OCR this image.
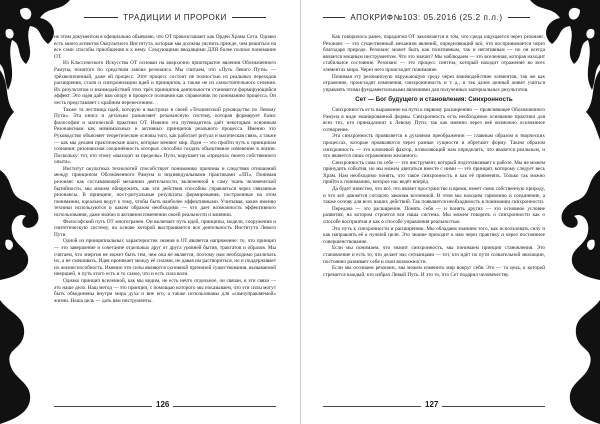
ТРАДИЦИИ И ПРОРОКИ

не этим документом я официально объявляю, что ОТ провозглашает как Орден Храма Сета. Однако есть много аспектов Оккультного Института, которые мы должны уяснить прежде, чем решиться на все сами способы приобщения и к нему. Следующими вводящими ДЛЯ более полное понимание ОТ.

Из Классического Искусства ОТ основан на анархично приоткрытое явлении Обозначенного Рамуна, понятого по средством закона резонанса. Мы считаем, что «Путь Левого Пути» — трёхвеличинный, даже ей процесс. Этот процесс состоит не полностью из реальных переходов расширения, стали и синхронизации идей и принципов, а также не из самостоятельного сечения. Их результатом и взаимодействий этих трёх принципов деятельности становится формирующийся эффект. Это идея даёт вам опору в процессе познания как справочник по пониманию процесса. Он честь представляет с крайним перенесением.

Также та лестница идей, которую я выстроил в своей «Технической руководстве по Левому Пути». Эта книга и детально разъясняет резонансную систему, которая формирует базис философии и магической практики ОТ. Именно эта путеводитель даёт некоторым основным Резонансным как мимимальных и активных принципов реального процесса. Именно это Руководство объясняет теоретические основы того, как работает ритуал и магическая связь, а также — как мы делаем практические шаги, которые меняют мир. Идея — это пройти путь к принципам сознания: резонансная соединённость которых способна создать объективное изменение в жизни. Поскольку: тот, кто этому «выходит за пределы» Пути, нарушает на «пределах своего собственного опыта».

Институт окультных технологий способствует пониманию причины и следствия отношений между принципом Обозначенного Рамуна и индивидуальными практиками «ЛП». Понимая резонанс как составляющей механики деятельности, включенной в саму ткань человеческой бытийности, мы можем обнаружить, как эти действия способны справляться через связанные резонансы. В принципе, пост-ритуальные результаты формирования, построенные на этом понимании, идеально ведут к тому, чтобы быть наиболее эффективными. Учитывая, какие именно техники используются и каким образом необходимо — что дает возможность эффективного использования, даже можно в активном изменении своей реальности и влиянии.

Философский путь ОТ многогранен. Он включает путь идей, принципы, модели, сооружения и синтетическую систему, на основе которой выстраивается вся деятельность Института Левого Пути.

Одной из принципиальных характеристик знания в ОТ является напряжение: то, что принцип — это завершение и сочетание отдельных друг от друга уровней бытия, трактатов и образов. Мы считаем, что энергия не может быть тем, чем она не является, поэтому нам необходимо различать их, а не смешивать. Идея проникает между её силами, не давая им раствориться, но и поддерживает их жизнеспособность. Именно эти силы являются основной причиной существования, вызываемой инерцией, и путь этого есть и то самое, что и есть сила воли.

Однако принцип вселенной, как мы видим, не есть нечто отдельное, он связан, и эти связи — это наше дело. Наш метод — это принцип, с помощью которого мы показываем, что эти силы могут быть объединены внутри мира духа и вне его, а также использованы для «самоуправляемой» жизни. Наша цель — дать вам инструменты.

126
АПОКРИФ№103: 05.2016 (25.2 п.л.)

Как говорилось ранее, парадигма ОТ заключается в том, что среда ощущается через резонанс. Резонанс — это существенный механизм явлений, определяющий всё, что воспринимается через благодаря природе. Резонанс может быть как позитивным, так и негативным — но он всегда является мощным инструментом. Что это значит? Мы наблюдаем — это вселенная, которая находит стабильное состояние. Резонанс — это процесс синтеза, который находит отражение во всех элементах мира. Через него происходит понимание.

Понимая эту резонансную окружающую среду через взаимодействие элементов, так же как отражение, происходят изменения, синхроничность и т. д., и так далее ценный живет учиться управлять этими фундаментальными явлениями для полученных материальных результатов.

Сет — Бог будущего и становления: Синхронность

Синхронность есть выражение на пути к первому расширению — проясняющее Обозначенного Рамуна в виде эманированной формы. Синхронность есть необходимое основание практики для всех тех, кто принадлежит к Левому Пути, так как именно через неё возможно осознанное сотворение.

Эта синхронность проявляется в духовном преображении — главным образом в творческих процессах, которые проявляются через разные сущности и обретают форму. Таким образом синхронность — это ключевой фактор, позволяющий нам определить, что является реальным, и что является лишь отражением желаемого.

Синхронность сама по себе — это инструмент, который подготавливает к работе. Мы не можем принудить события, но мы можем двигаться вместе с ними — это принцип, которому следует весь Храм. Нам необходимо понять, что такое синхронность и как её применять. Только так можно прийти к пониманию, которое нас ведёт вперёд.

Да будет известно, что всё, что являет пространство и время, имеет свою собственную природу, и что всё движется согласно законам вселенной. В этом мы находим гармонию и соединение, а также основу для всех наших действий. Так появляется необходимость в понимании синхронности.

Передача — это расширение. Понять себя — и понять других — это основное условие развития, на котором строится вся наша система. Мы можем говорить о синхронности как о способе восприятия и как о способе управления реальностью.

Это путь к синхронности и расширению. Мы обладаем знанием того, как использовать силу и как направлять её к нужной цели. Это знание приходит к нам через практику и через постоянное совершенствование.

Если мы понимаем, что значит синхронность, мы понимаем принцип становления. Это становление и есть то, что делает нас сетианцами — тот, кто идёт по пути сознательной эволюции, постоянно развивает себя и свои возможности.

Если мы осознаем резонанс, мы можем изменить мир вокруг себя. Это — та цель, к которой стремится каждый, кто избрал Левый Путь. И это то, что Сет подарил человечеству.

127
